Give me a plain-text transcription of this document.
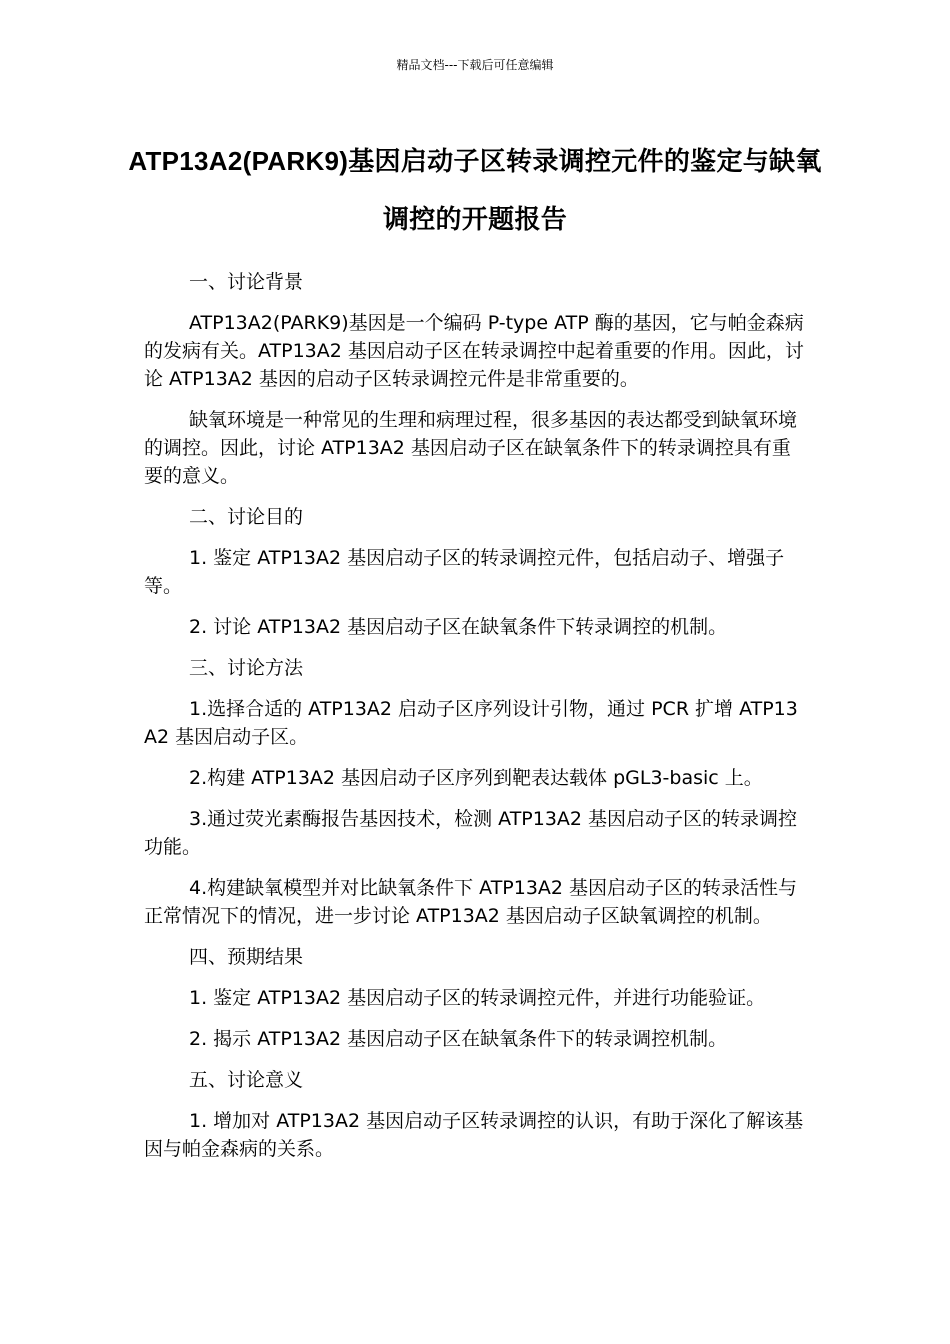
精品文档---下载后可任意编辑
ATP13A2(PARK9)基因启动子区转录调控元件的鉴定与缺氧调控的开题报告

一、讨论背景

ATP13A2(PARK9)基因是一个编码 P-type ATP 酶的基因，它与帕金森病的发病有关。ATP13A2 基因启动子区在转录调控中起着重要的作用。因此，讨论 ATP13A2 基因的启动子区转录调控元件是非常重要的。

缺氧环境是一种常见的生理和病理过程，很多基因的表达都受到缺氧环境的调控。因此，讨论 ATP13A2 基因启动子区在缺氧条件下的转录调控具有重要的意义。

二、讨论目的

1. 鉴定 ATP13A2 基因启动子区的转录调控元件，包括启动子、增强子等。

2. 讨论 ATP13A2 基因启动子区在缺氧条件下转录调控的机制。

三、讨论方法

1.选择合适的 ATP13A2 启动子区序列设计引物，通过 PCR 扩增 ATP13A2 基因启动子区。

2.构建 ATP13A2 基因启动子区序列到靶表达载体 pGL3-basic 上。

3.通过荧光素酶报告基因技术，检测 ATP13A2 基因启动子区的转录调控功能。

4.构建缺氧模型并对比缺氧条件下 ATP13A2 基因启动子区的转录活性与正常情况下的情况，进一步讨论 ATP13A2 基因启动子区缺氧调控的机制。

四、预期结果

1. 鉴定 ATP13A2 基因启动子区的转录调控元件，并进行功能验证。

2. 揭示 ATP13A2 基因启动子区在缺氧条件下的转录调控机制。

五、讨论意义

1. 增加对 ATP13A2 基因启动子区转录调控的认识，有助于深化了解该基因与帕金森病的关系。
